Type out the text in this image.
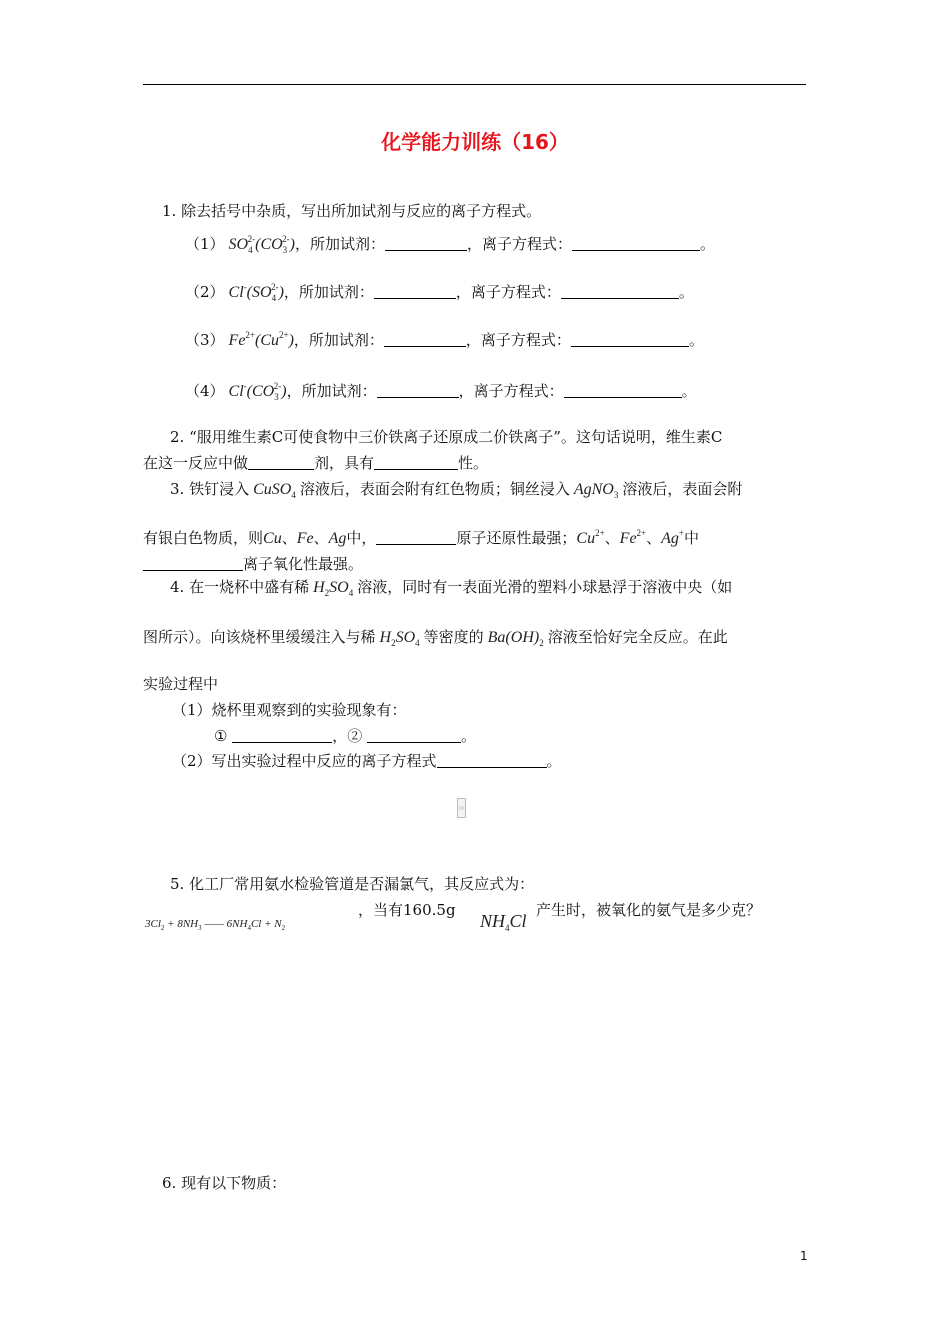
化学能力训练（16）
1. 除去括号中杂质，写出所加试剂与反应的离子方程式。
（1） $SO_4^{2-}(CO_3^{2-})$，所加试剂：	，离子方程式：	。
（2） $Cl^-(SO_4^{2-})$，所加试剂：	，离子方程式：	。
（3） $Fe^{2+}(Cu^{2+})$，所加试剂：	，离子方程式：	。
（4） $Cl^-(CO_3^{2-})$，所加试剂：	，离子方程式：	。
2. “服用维生素C可使食物中三价铁离子还原成二价铁离子”。这句话说明，维生素C
在这一反应中做	剂，具有	性。
3. 铁钉浸入 CuSO$_4$ 溶液后，表面会附有红色物质；铜丝浸入 AgNO$_3$ 溶液后，表面会附
有银白色物质，则Cu、Fe、Ag中，	原子还原性最强；$Cu^{2+}$、$Fe^{2+}$、Ag+中
离子氧化性最强。
4. 在一烧杯中盛有稀 $H_2SO_4$ 溶液，同时有一表面光滑的塑料小球悬浮于溶液中央（如
图所示）。向该烧杯里缓缓注入与稀 $H_2SO_4$ 等密度的 $Ba(OH)_2$ 溶液至恰好完全反应。在此
实验过程中
（1）烧杯里观察到的实验现象有：
①	，②	。
（2）写出实验过程中反应的离子方程式	。
5. 化工厂常用氨水检验管道是否漏氯气，其反应式为：
$3Cl_2 + 8NH_3$ —— $6NH_4Cl + N_2$
，当有160.5g
$NH_4Cl$
产生时，被氧化的氨气是多少克？
6. 现有以下物质：
1
